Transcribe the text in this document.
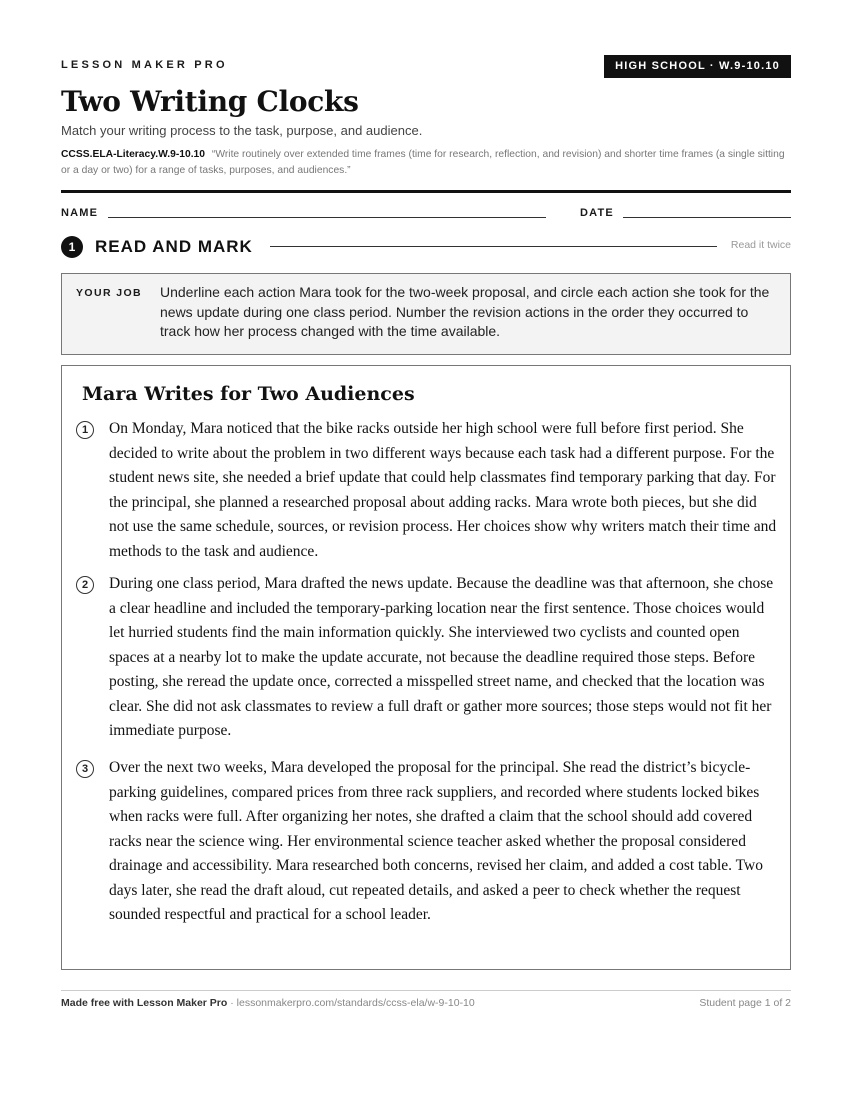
LESSON MAKER PRO	HIGH SCHOOL · W.9-10.10
Two Writing Clocks
Match your writing process to the task, purpose, and audience.
CCSS.ELA-Literacy.W.9-10.10 “Write routinely over extended time frames (time for research, reflection, and revision) and shorter time frames (a single sitting or a day or two) for a range of tasks, purposes, and audiences.”
NAME	DATE
1	READ AND MARK	Read it twice
YOUR JOB Underline each action Mara took for the two-week proposal, and circle each action she took for the news update during one class period. Number the revision actions in the order they occurred to track how her process changed with the time available.
Mara Writes for Two Audiences
1	On Monday, Mara noticed that the bike racks outside her high school were full before first period. She decided to write about the problem in two different ways because each task had a different purpose. For the student news site, she needed a brief update that could help classmates find temporary parking that day. For the principal, she planned a researched proposal about adding racks. Mara wrote both pieces, but she did not use the same schedule, sources, or revision process. Her choices show why writers match their time and methods to the task and audience.

2	During one class period, Mara drafted the news update. Because the deadline was that afternoon, she chose a clear headline and included the temporary-parking location near the first sentence. Those choices would let hurried students find the main information quickly. She interviewed two cyclists and counted open spaces at a nearby lot to make the update accurate, not because the deadline required those steps. Before posting, she reread the update once, corrected a misspelled street name, and checked that the location was clear. She did not ask classmates to review a full draft or gather more sources; those steps would not fit her immediate purpose.

3	Over the next two weeks, Mara developed the proposal for the principal. She read the district’s bicycle-parking guidelines, compared prices from three rack suppliers, and recorded where students locked bikes when racks were full. After organizing her notes, she drafted a claim that the school should add covered racks near the science wing. Her environmental science teacher asked whether the proposal considered drainage and accessibility. Mara researched both concerns, revised her claim, and added a cost table. Two days later, she read the draft aloud, cut repeated details, and asked a peer to check whether the request sounded respectful and practical for a school leader.

Made free with Lesson Maker Pro · lessonmakerpro.com/standards/ccss-ela/w-9-10-10	Student page 1 of 2
